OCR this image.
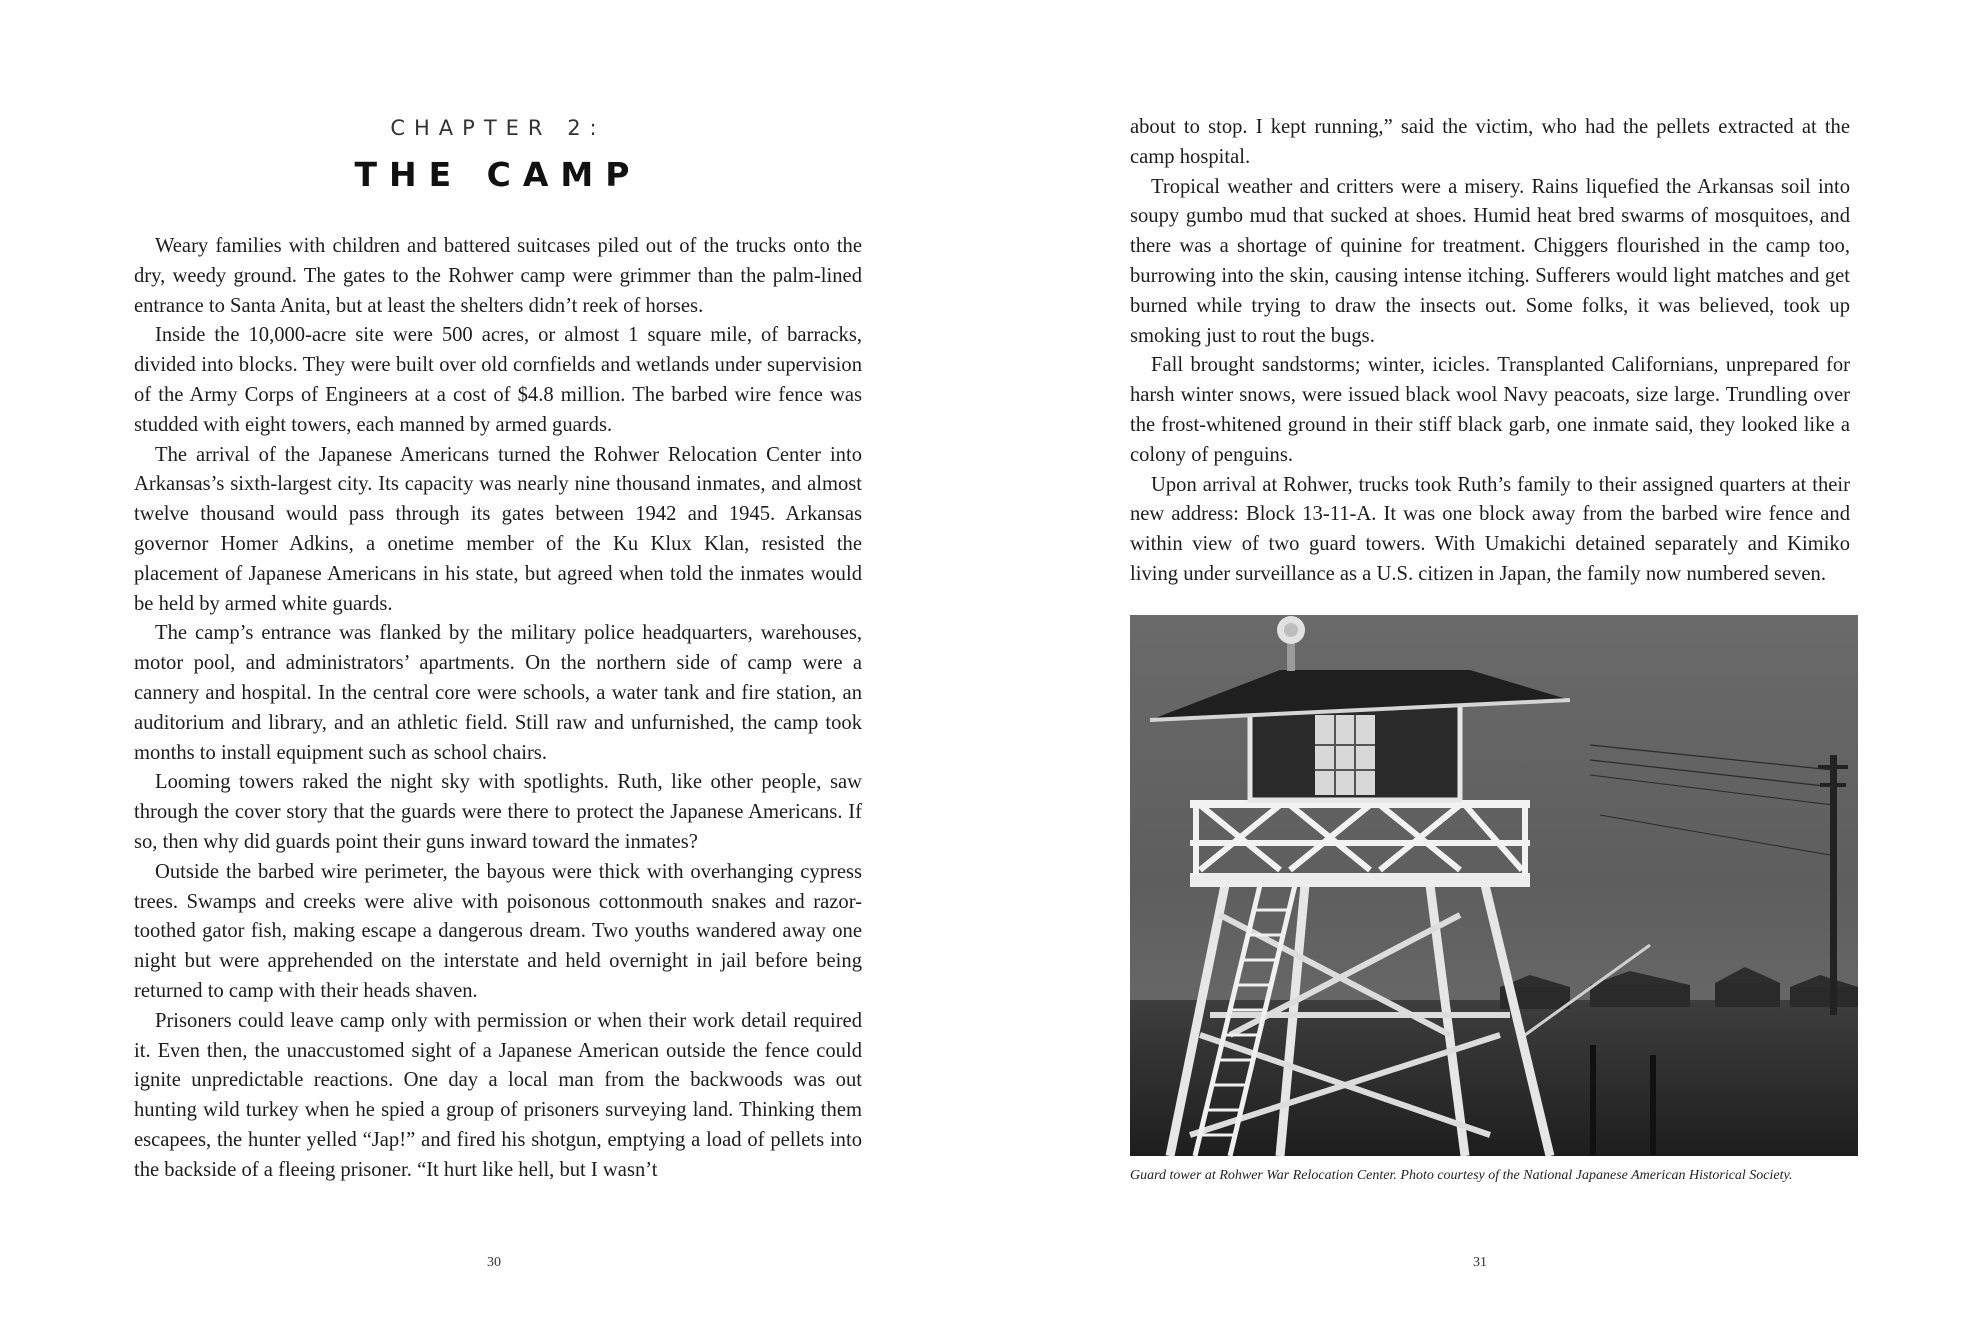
CHAPTER 2:
THE CAMP

Weary families with children and battered suitcases piled out of the trucks onto the dry, weedy ground. The gates to the Rohwer camp were grimmer than the palm-lined entrance to Santa Anita, but at least the shelters didn’t reek of horses.

Inside the 10,000-acre site were 500 acres, or almost 1 square mile, of barracks, divided into blocks. They were built over old cornfields and wetlands under supervision of the Army Corps of Engineers at a cost of $4.8 million. The barbed wire fence was studded with eight towers, each manned by armed guards.

The arrival of the Japanese Americans turned the Rohwer Relocation Center into Arkansas’s sixth-largest city. Its capacity was nearly nine thousand inmates, and almost twelve thousand would pass through its gates between 1942 and 1945. Arkansas governor Homer Adkins, a onetime member of the Ku Klux Klan, resisted the placement of Japanese Americans in his state, but agreed when told the inmates would be held by armed white guards.

The camp’s entrance was flanked by the military police headquarters, warehouses, motor pool, and administrators’ apartments. On the northern side of camp were a cannery and hospital. In the central core were schools, a water tank and fire station, an auditorium and library, and an athletic field. Still raw and unfurnished, the camp took months to install equipment such as school chairs.

Looming towers raked the night sky with spotlights. Ruth, like other people, saw through the cover story that the guards were there to protect the Japanese Americans. If so, then why did guards point their guns inward toward the inmates?

Outside the barbed wire perimeter, the bayous were thick with overhanging cypress trees. Swamps and creeks were alive with poisonous cottonmouth snakes and razor-toothed gator fish, making escape a dangerous dream. Two youths wandered away one night but were apprehended on the interstate and held overnight in jail before being returned to camp with their heads shaven.

Prisoners could leave camp only with permission or when their work detail required it. Even then, the unaccustomed sight of a Japanese American outside the fence could ignite unpredictable reactions. One day a local man from the backwoods was out hunting wild turkey when he spied a group of prisoners surveying land. Thinking them escapees, the hunter yelled “Jap!” and fired his shotgun, emptying a load of pellets into the backside of a fleeing prisoner. “It hurt like hell, but I wasn’t

30

about to stop. I kept running,” said the victim, who had the pellets extracted at the camp hospital.

Tropical weather and critters were a misery. Rains liquefied the Arkansas soil into soupy gumbo mud that sucked at shoes. Humid heat bred swarms of mosquitoes, and there was a shortage of quinine for treatment. Chiggers flourished in the camp too, burrowing into the skin, causing intense itching. Sufferers would light matches and get burned while trying to draw the insects out. Some folks, it was believed, took up smoking just to rout the bugs.

Fall brought sandstorms; winter, icicles. Transplanted Californians, unprepared for harsh winter snows, were issued black wool Navy peacoats, size large. Trundling over the frost-whitened ground in their stiff black garb, one inmate said, they looked like a colony of penguins.

Upon arrival at Rohwer, trucks took Ruth’s family to their assigned quarters at their new address: Block 13-11-A. It was one block away from the barbed wire fence and within view of two guard towers. With Umakichi detained separately and Kimiko living under surveillance as a U.S. citizen in Japan, the family now numbered seven.

Guard tower at Rohwer War Relocation Center. Photo courtesy of the National Japanese American Historical Society.
31
